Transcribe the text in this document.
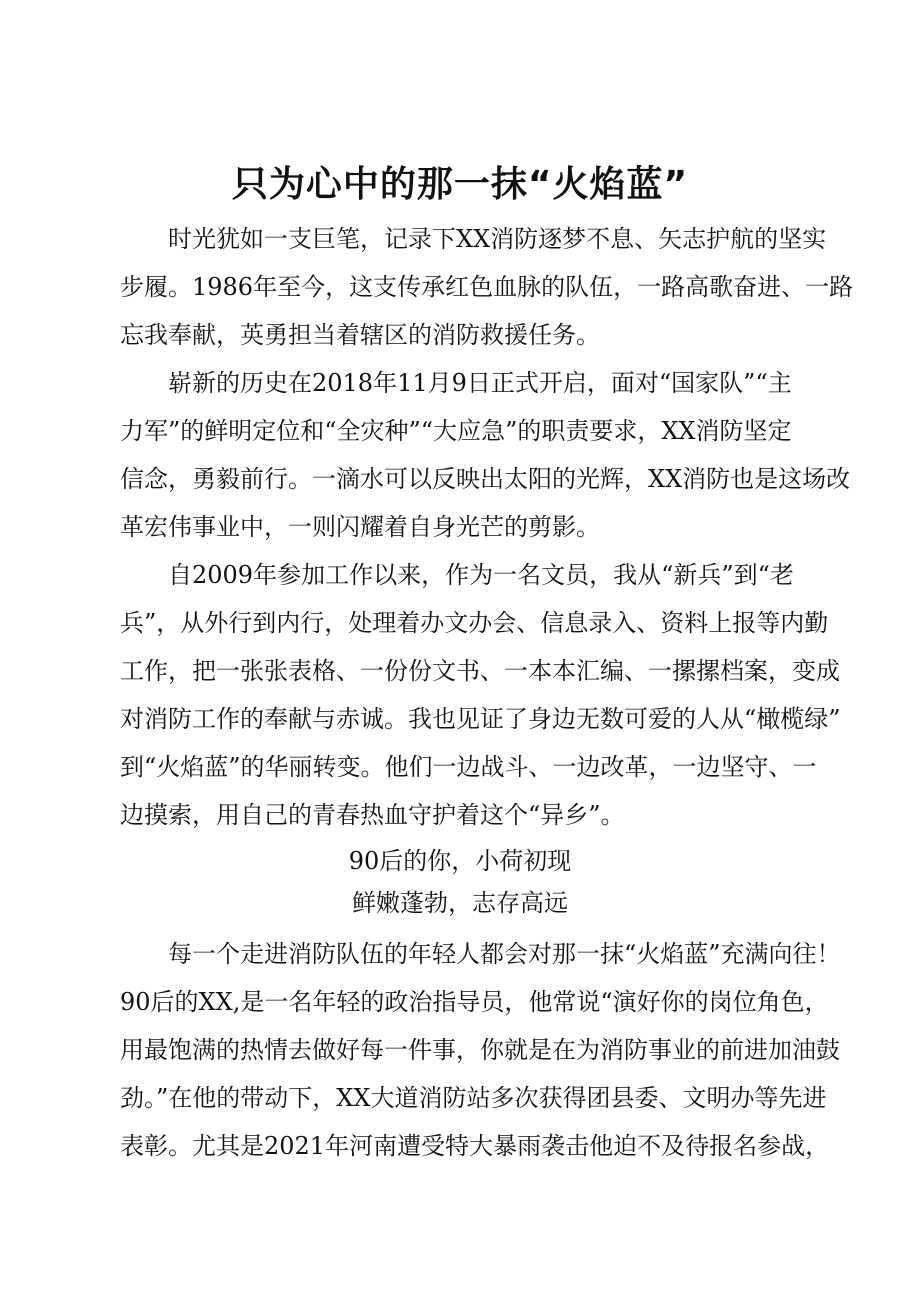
只为心中的那一抹“火焰蓝”

时光犹如一支巨笔，记录下XX消防逐梦不息、矢志护航的坚实
步履。1986年至今，这支传承红色血脉的队伍，一路高歌奋进、一路
忘我奉献，英勇担当着辖区的消防救援任务。

崭新的历史在2018年11月9日正式开启，面对“国家队”“主
力军”的鲜明定位和“全灾种”“大应急”的职责要求，XX消防坚定
信念，勇毅前行。一滴水可以反映出太阳的光辉，XX消防也是这场改
革宏伟事业中，一则闪耀着自身光芒的剪影。

自2009年参加工作以来，作为一名文员，我从“新兵”到“老
兵”，从外行到内行，处理着办文办会、信息录入、资料上报等内勤
工作，把一张张表格、一份份文书、一本本汇编、一摞摞档案，变成
对消防工作的奉献与赤诚。我也见证了身边无数可爱的人从“橄榄绿”
到“火焰蓝”的华丽转变。他们一边战斗、一边改革，一边坚守、一
边摸索，用自己的青春热血守护着这个“异乡”。

90后的你，小荷初现
鲜嫩蓬勃，志存高远

每一个走进消防队伍的年轻人都会对那一抹“火焰蓝”充满向往！
90后的XX,是一名年轻的政治指导员，他常说“演好你的岗位角色，
用最饱满的热情去做好每一件事，你就是在为消防事业的前进加油鼓
劲。”在他的带动下，XX大道消防站多次获得团县委、文明办等先进
表彰。尤其是2021年河南遭受特大暴雨袭击他迫不及待报名参战，
